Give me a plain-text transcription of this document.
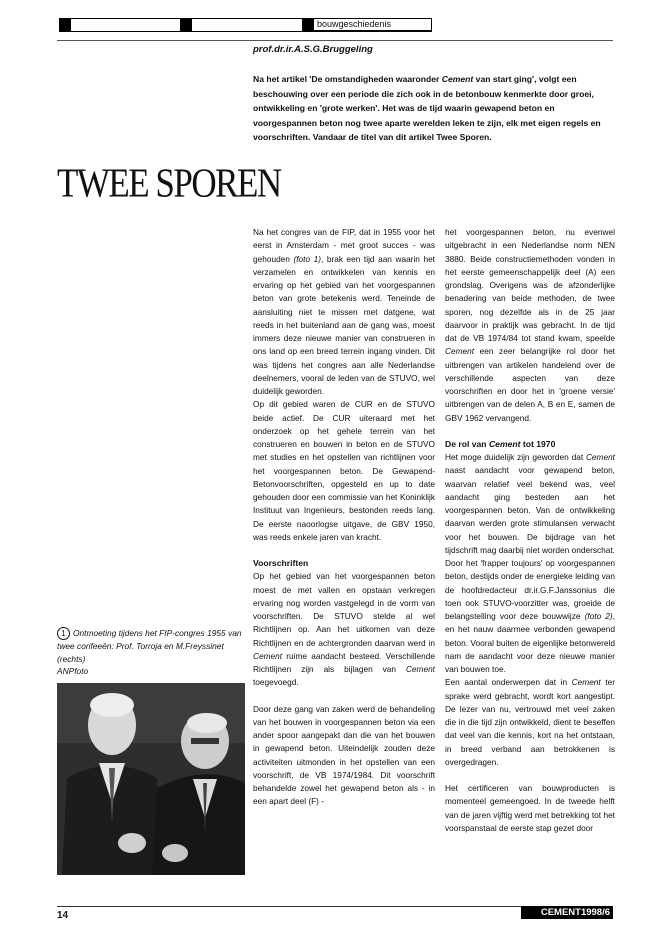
bouwgeschiedenis
prof.dr.ir.A.S.G.Bruggeling
Na het artikel 'De omstandigheden waaronder Cement van start ging', volgt een beschouwing over een periode die zich ook in de betonbouw kenmerkte door groei, ontwikkeling en 'grote werken'. Het was de tijd waarin gewapend beton en voorgespannen beton nog twee aparte werelden leken te zijn, elk met eigen regels en voorschriften. Vandaar de titel van dit artikel Twee Sporen.
TWEE SPOREN

Na het congres van de FIP, dat in 1955 voor het eerst in Amsterdam - met groot succes - was gehouden (foto 1), brak een tijd aan waarin het verzamelen en ontwikkelen van kennis en ervaring op het gebied van het voorgespannen beton van grote betekenis werd. Teneinde de aansluiting niet te missen met datgene, wat reeds in het buitenland aan de gang was, moest immers deze nieuwe manier van construeren in ons land op een breed terrein ingang vinden. Dit was tijdens het congres aan alle Nederlandse deelnemers, vooral de leden van de STUVO, wel duidelijk geworden.

Op dit gebied waren de CUR en de STUVO beide actief. De CUR uiteraard met het onderzoek op het gehele terrein van het construeren en bouwen in beton en de STUVO met studies en het opstellen van richtlijnen voor het voorgespannen beton. De Gewapend-Betonvoorschriften, opgesteld en up to date gehouden door een commissie van het Koninklijk Instituut van Ingenieurs, bestonden reeds lang. De eerste naoorlogse uitgave, de GBV 1950, was reeds enkele jaren van kracht.

Voorschriften

Op het gebied van het voorgespannen beton moest de met vallen en opstaan verkregen ervaring nog worden vastgelegd in de vorm van voorschriften. De STUVO stelde al wel Richtlijnen op. Aan het uitkomen van deze Richtlijnen en de achtergronden daarvan werd in Cement ruime aandacht besteed. Verschillende Richtlijnen zijn als bijlagen van Cement toegevoegd.

Door deze gang van zaken werd de behandeling van het bouwen in voorgespannen beton via een ander spoor aangepakt dan die van het bouwen in gewapend beton. Uiteindelijk zouden deze activiteiten uitmonden in het opstellen van een voorschrift, de VB 1974/1984. Dit voorschrift behandelde zowel het gewapend beton als - in een apart deel (F) -

het voorgespannen beton, nu evenwel uitgebracht in een Nederlandse norm NEN 3880. Beide constructiemethoden vonden in het eerste gemeenschappelijk deel (A) een grondslag. Overigens was de afzonderlijke benadering van beide methoden, de twee sporen, nog dezelfde als in de 25 jaar daarvoor in praktijk was gebracht. In de tijd dat de VB 1974/84 tot stand kwam, speelde Cement een zeer belangrijke rol door het uitbrengen van artikelen handelend over de verschillende aspecten van deze voorschriften en door het in 'groene versie' uitbrengen van de delen A, B en E, samen de GBV 1962 vervangend.

De rol van Cement tot 1970

Het moge duidelijk zijn geworden dat Cement naast aandacht voor gewapend beton, waarvan relatief veel bekend was, veel aandacht ging besteden aan het voorgespannen beton. Van de ontwikkeling daarvan werden grote stimulansen verwacht voor het bouwen. De bijdrage van het tijdschrift mag daarbij niet worden onderschat. Door het 'frapper toujours' op voorgespannen beton, destijds onder de energieke leiding van de hoofdredacteur dr.ir.G.F.Janssonius die toen ook STUVO-voorzitter was, groeide de belangstelling voor deze bouwwijze (foto 2), en het nauw daarmee verbonden gewapend beton. Vooral buiten de eigenlijke betonwereld nam de aandacht voor deze nieuwe manier van bouwen toe.

Een aantal onderwerpen dat in Cement ter sprake werd gebracht, wordt kort aangestipt. De lezer van nu, vertrouwd met veel zaken die in die tijd zijn ontwikkeld, dient te beseffen dat veel van die kennis, kort na het ontstaan, in breed verband aan betrokkenen is overgedragen.

Het certificeren van bouwproducten is momenteel gemeengoed. In de tweede helft van de jaren vijftig werd met betrekking tot het voorspanstaal de eerste stap gezet door

1 Ontmoeting tijdens het FIP-congres 1955 van twee corifeeën: Prof. Torroja en M.Freyssinet (rechts)
ANPfoto
14	CEMENT1998/6
